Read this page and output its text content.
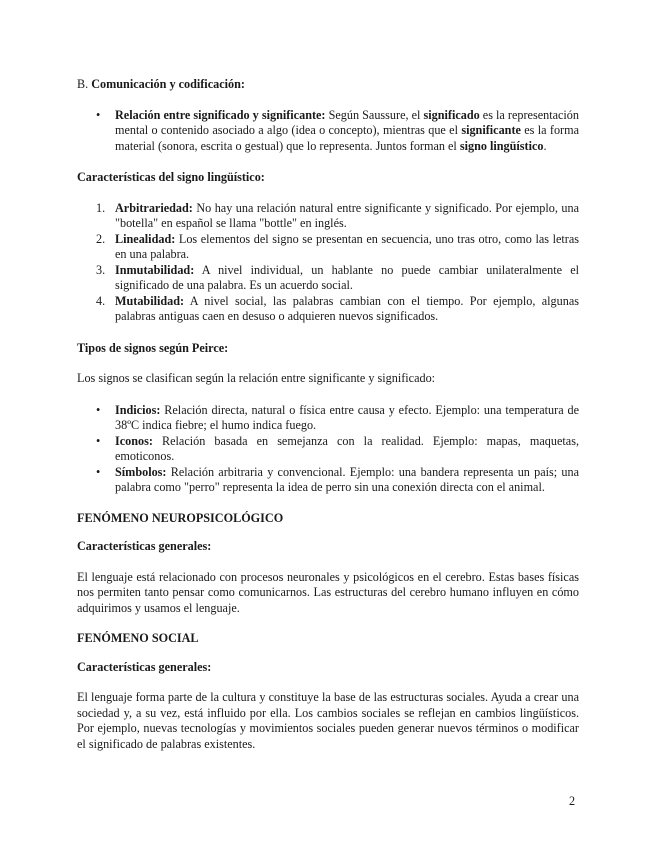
B. Comunicación y codificación:

• Relación entre significado y significante: Según Saussure, el significado es la representación mental o contenido asociado a algo (idea o concepto), mientras que el significante es la forma material (sonora, escrita o gestual) que lo representa. Juntos forman el signo lingüístico.

Características del signo lingüístico:

1. Arbitrariedad: No hay una relación natural entre significante y significado. Por ejemplo, una "botella" en español se llama "bottle" en inglés.
2. Linealidad: Los elementos del signo se presentan en secuencia, uno tras otro, como las letras en una palabra.
3. Inmutabilidad: A nivel individual, un hablante no puede cambiar unilateralmente el significado de una palabra. Es un acuerdo social.
4. Mutabilidad: A nivel social, las palabras cambian con el tiempo. Por ejemplo, algunas palabras antiguas caen en desuso o adquieren nuevos significados.

Tipos de signos según Peirce:

Los signos se clasifican según la relación entre significante y significado:

• Indicios: Relación directa, natural o física entre causa y efecto. Ejemplo: una temperatura de 38ºC indica fiebre; el humo indica fuego.
• Iconos: Relación basada en semejanza con la realidad. Ejemplo: mapas, maquetas, emoticonos.
• Símbolos: Relación arbitraria y convencional. Ejemplo: una bandera representa un país; una palabra como "perro" representa la idea de perro sin una conexión directa con el animal.

FENÓMENO NEUROPSICOLÓGICO

Características generales:

El lenguaje está relacionado con procesos neuronales y psicológicos en el cerebro. Estas bases físicas nos permiten tanto pensar como comunicarnos. Las estructuras del cerebro humano influyen en cómo adquirimos y usamos el lenguaje.

FENÓMENO SOCIAL

Características generales:

El lenguaje forma parte de la cultura y constituye la base de las estructuras sociales. Ayuda a crear una sociedad y, a su vez, está influido por ella. Los cambios sociales se reflejan en cambios lingüísticos. Por ejemplo, nuevas tecnologías y movimientos sociales pueden generar nuevos términos o modificar el significado de palabras existentes.

2
